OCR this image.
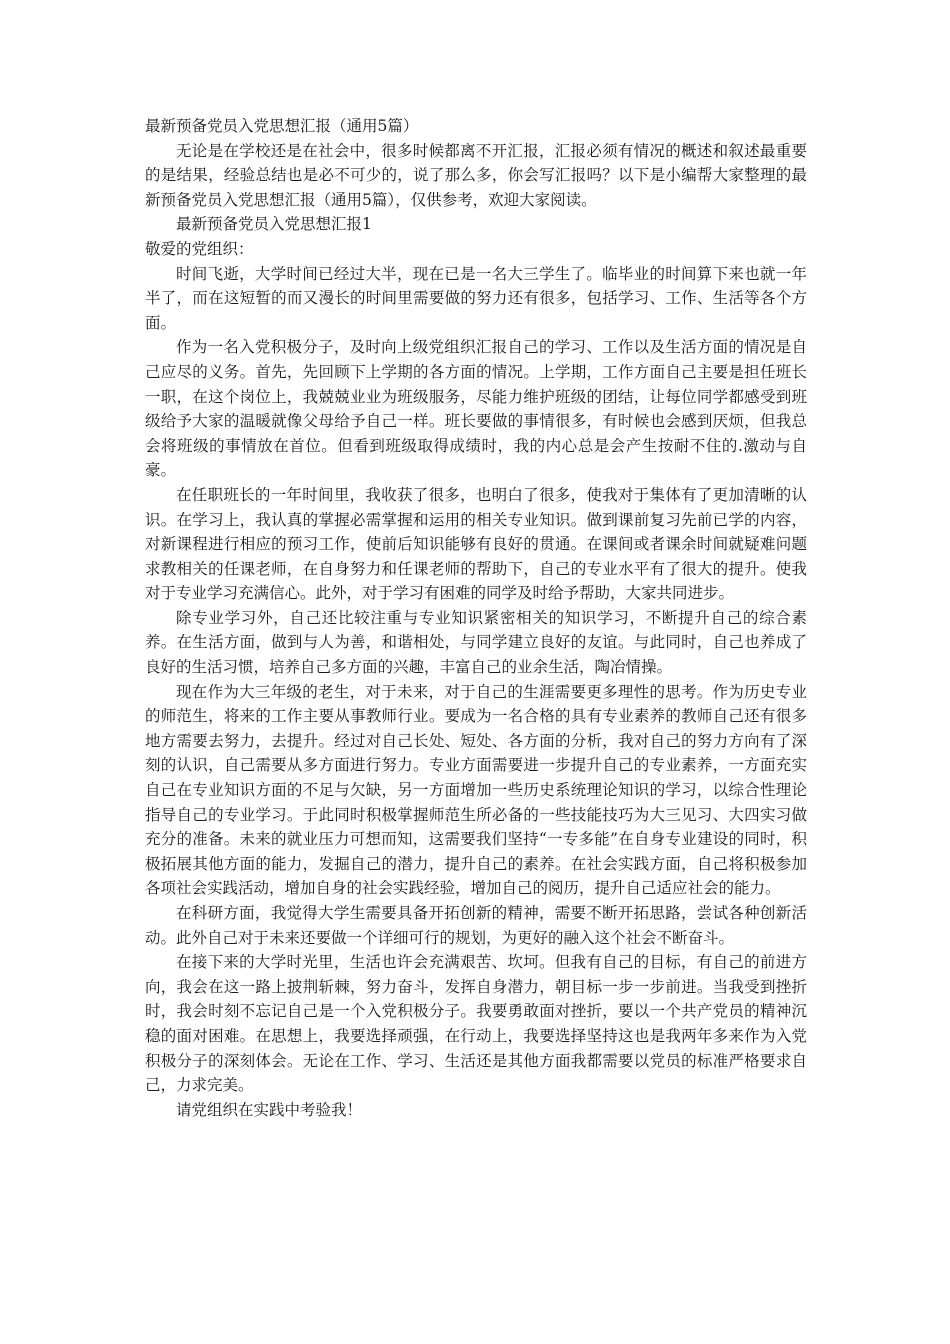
最新预备党员入党思想汇报（通用5篇）

无论是在学校还是在社会中，很多时候都离不开汇报，汇报必须有情况的概述和叙述最重要的是结果，经验总结也是必不可少的，说了那么多，你会写汇报吗？以下是小编帮大家整理的最新预备党员入党思想汇报（通用5篇），仅供参考，欢迎大家阅读。

最新预备党员入党思想汇报1

敬爱的党组织：

时间飞逝，大学时间已经过大半，现在已是一名大三学生了。临毕业的时间算下来也就一年半了，而在这短暂的而又漫长的时间里需要做的努力还有很多，包括学习、工作、生活等各个方面。

作为一名入党积极分子，及时向上级党组织汇报自己的学习、工作以及生活方面的情况是自己应尽的义务。首先，先回顾下上学期的各方面的情况。上学期，工作方面自己主要是担任班长一职，在这个岗位上，我兢兢业业为班级服务，尽能力维护班级的团结，让每位同学都感受到班级给予大家的温暖就像父母给予自己一样。班长要做的事情很多，有时候也会感到厌烦，但我总会将班级的事情放在首位。但看到班级取得成绩时，我的内心总是会产生按耐不住的.激动与自豪。

在任职班长的一年时间里，我收获了很多，也明白了很多，使我对于集体有了更加清晰的认识。在学习上，我认真的掌握必需掌握和运用的相关专业知识。做到课前复习先前已学的内容，对新课程进行相应的预习工作，使前后知识能够有良好的贯通。在课间或者课余时间就疑难问题求教相关的任课老师，在自身努力和任课老师的帮助下，自己的专业水平有了很大的提升。使我对于专业学习充满信心。此外，对于学习有困难的同学及时给予帮助，大家共同进步。

除专业学习外，自己还比较注重与专业知识紧密相关的知识学习，不断提升自己的综合素养。在生活方面，做到与人为善，和谐相处，与同学建立良好的友谊。与此同时，自己也养成了良好的生活习惯，培养自己多方面的兴趣，丰富自己的业余生活，陶冶情操。

现在作为大三年级的老生，对于未来，对于自己的生涯需要更多理性的思考。作为历史专业的师范生，将来的工作主要从事教师行业。要成为一名合格的具有专业素养的教师自己还有很多地方需要去努力，去提升。经过对自己长处、短处、各方面的分析，我对自己的努力方向有了深刻的认识，自己需要从多方面进行努力。专业方面需要进一步提升自己的专业素养，一方面充实自己在专业知识方面的不足与欠缺，另一方面增加一些历史系统理论知识的学习，以综合性理论指导自己的专业学习。于此同时积极掌握师范生所必备的一些技能技巧为大三见习、大四实习做充分的准备。未来的就业压力可想而知，这需要我们坚持“一专多能”在自身专业建设的同时，积极拓展其他方面的能力，发掘自己的潜力，提升自己的素养。在社会实践方面，自己将积极参加各项社会实践活动，增加自身的社会实践经验，增加自己的阅历，提升自己适应社会的能力。

在科研方面，我觉得大学生需要具备开拓创新的精神，需要不断开拓思路，尝试各种创新活动。此外自己对于未来还要做一个详细可行的规划，为更好的融入这个社会不断奋斗。

在接下来的大学时光里，生活也许会充满艰苦、坎坷。但我有自己的目标，有自己的前进方向，我会在这一路上披荆斩棘，努力奋斗，发挥自身潜力，朝目标一步一步前进。当我受到挫折时，我会时刻不忘记自己是一个入党积极分子。我要勇敢面对挫折，要以一个共产党员的精神沉稳的面对困难。在思想上，我要选择顽强，在行动上，我要选择坚持这也是我两年多来作为入党积极分子的深刻体会。无论在工作、学习、生活还是其他方面我都需要以党员的标准严格要求自己，力求完美。

请党组织在实践中考验我！
